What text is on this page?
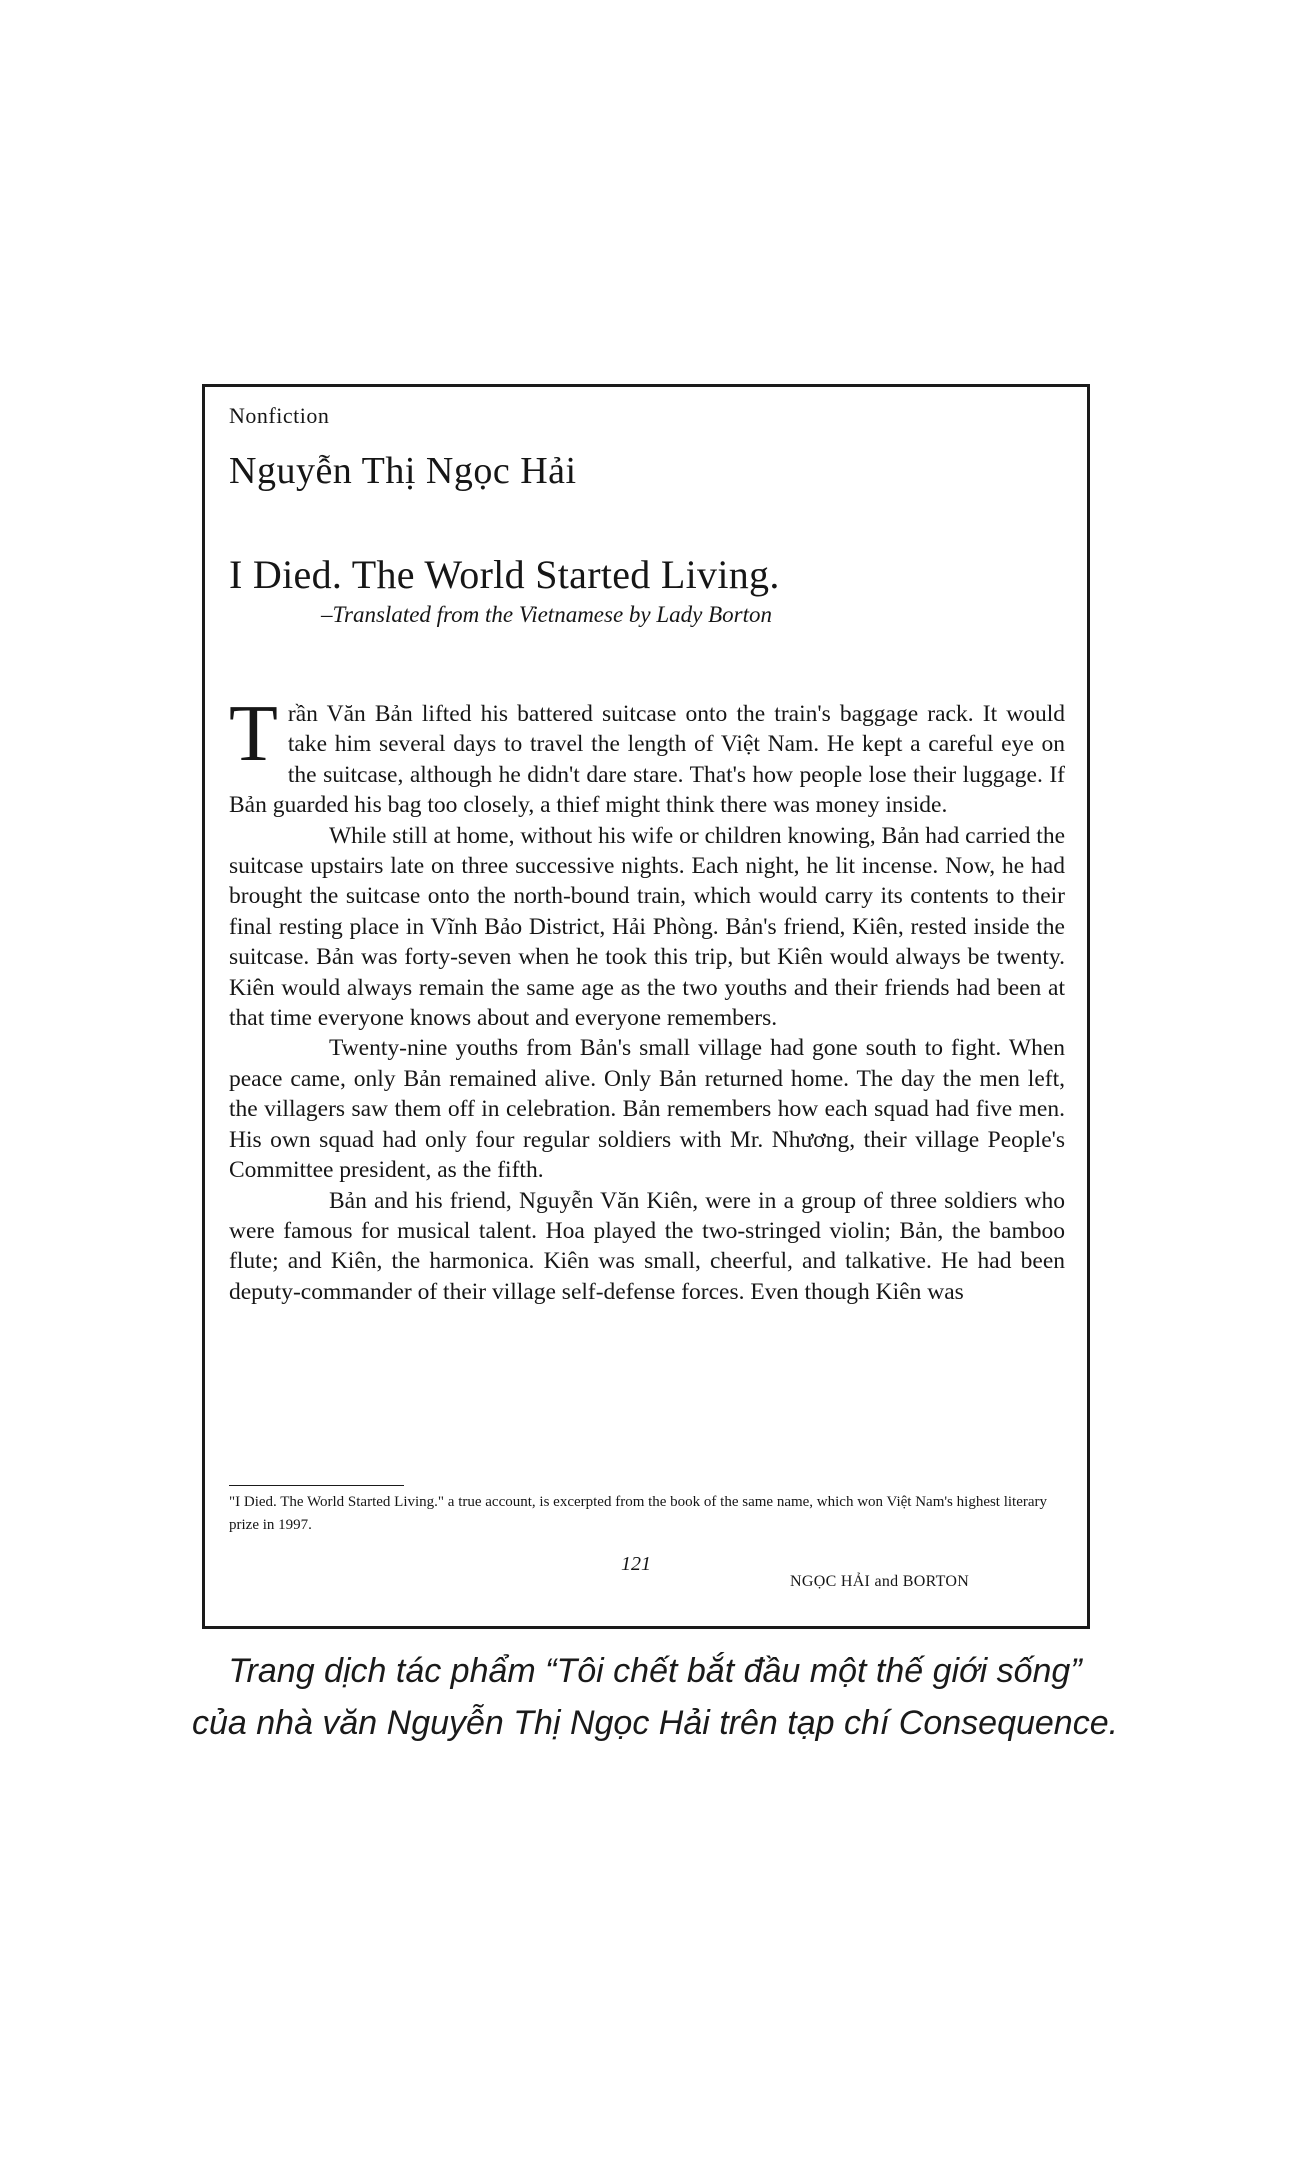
Nonfiction
Nguyễn Thị Ngọc Hải
I Died. The World Started Living.
–Translated from the Vietnamese by Lady Borton

Trần Văn Bản lifted his battered suitcase onto the train's baggage rack. It would take him several days to travel the length of Việt Nam. He kept a careful eye on the suitcase, although he didn't dare stare. That's how people lose their luggage. If Bản guarded his bag too closely, a thief might think there was money inside.

While still at home, without his wife or children knowing, Bản had carried the suitcase upstairs late on three successive nights. Each night, he lit incense. Now, he had brought the suitcase onto the north-bound train, which would carry its contents to their final resting place in Vĩnh Bảo District, Hải Phòng. Bản's friend, Kiên, rested inside the suitcase. Bản was forty-seven when he took this trip, but Kiên would always be twenty. Kiên would always remain the same age as the two youths and their friends had been at that time everyone knows about and everyone remembers.

Twenty-nine youths from Bản's small village had gone south to fight. When peace came, only Bản remained alive. Only Bản returned home. The day the men left, the villagers saw them off in celebration. Bản remembers how each squad had five men. His own squad had only four regular soldiers with Mr. Nhương, their village People's Committee president, as the fifth.

Bản and his friend, Nguyễn Văn Kiên, were in a group of three soldiers who were famous for musical talent. Hoa played the two-stringed violin; Bản, the bamboo flute; and Kiên, the harmonica. Kiên was small, cheerful, and talkative. He had been deputy-commander of their village self-defense forces. Even though Kiên was

"I Died. The World Started Living." a true account, is excerpted from the book of the same name, which won Việt Nam's highest literary prize in 1997.

121

NGỌC HẢI and BORTON

Trang dịch tác phẩm “Tôi chết bắt đầu một thế giới sống”
của nhà văn Nguyễn Thị Ngọc Hải trên tạp chí Consequence.
